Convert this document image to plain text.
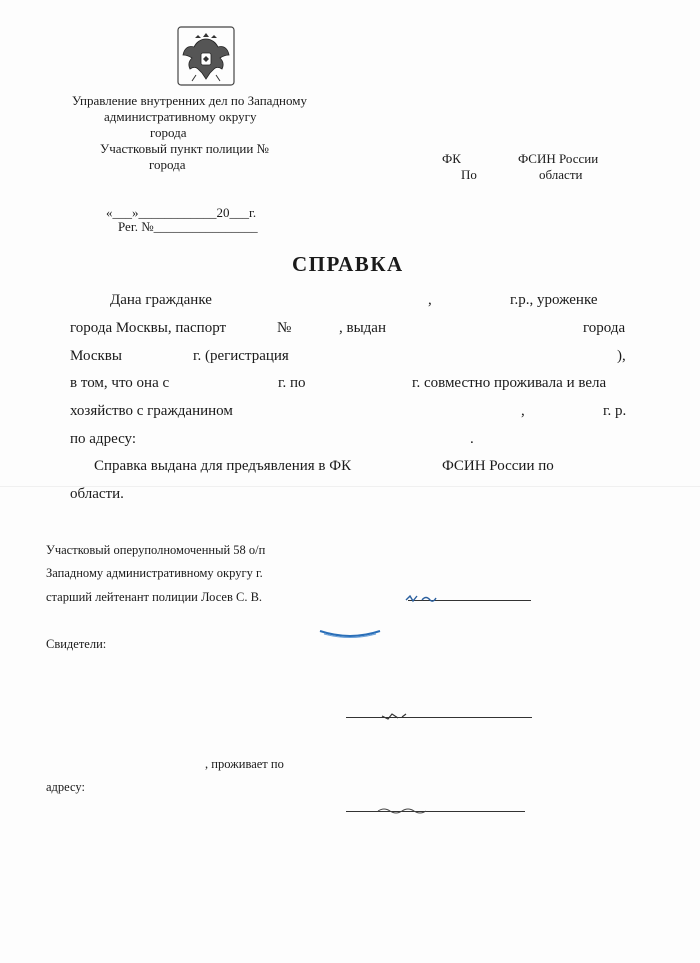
Управление внутренних дел по Западному
административному округу
города
Участковый пункт полиции №
города	ФК	ФСИН России
По	области
«___»____________20___г.
Рег. №________________
СПРАВКА
Дана гражданке	,	г.р., уроженке
города Москвы, паспорт	№	, выдан	города
Москвы	г. (регистрация	),
в том, что она с	г. по	г. совместно проживала и вела
хозяйство с гражданином	,	г. р.
по адресу:	.
Справка выдана для предъявления в ФК	ФСИН России по
области.
Участковый оперуполномоченный 58 о/п
Западному административному округу г.
старший лейтенант полиции Лосев С. В.
Свидетели:
, проживает по
адресу:
